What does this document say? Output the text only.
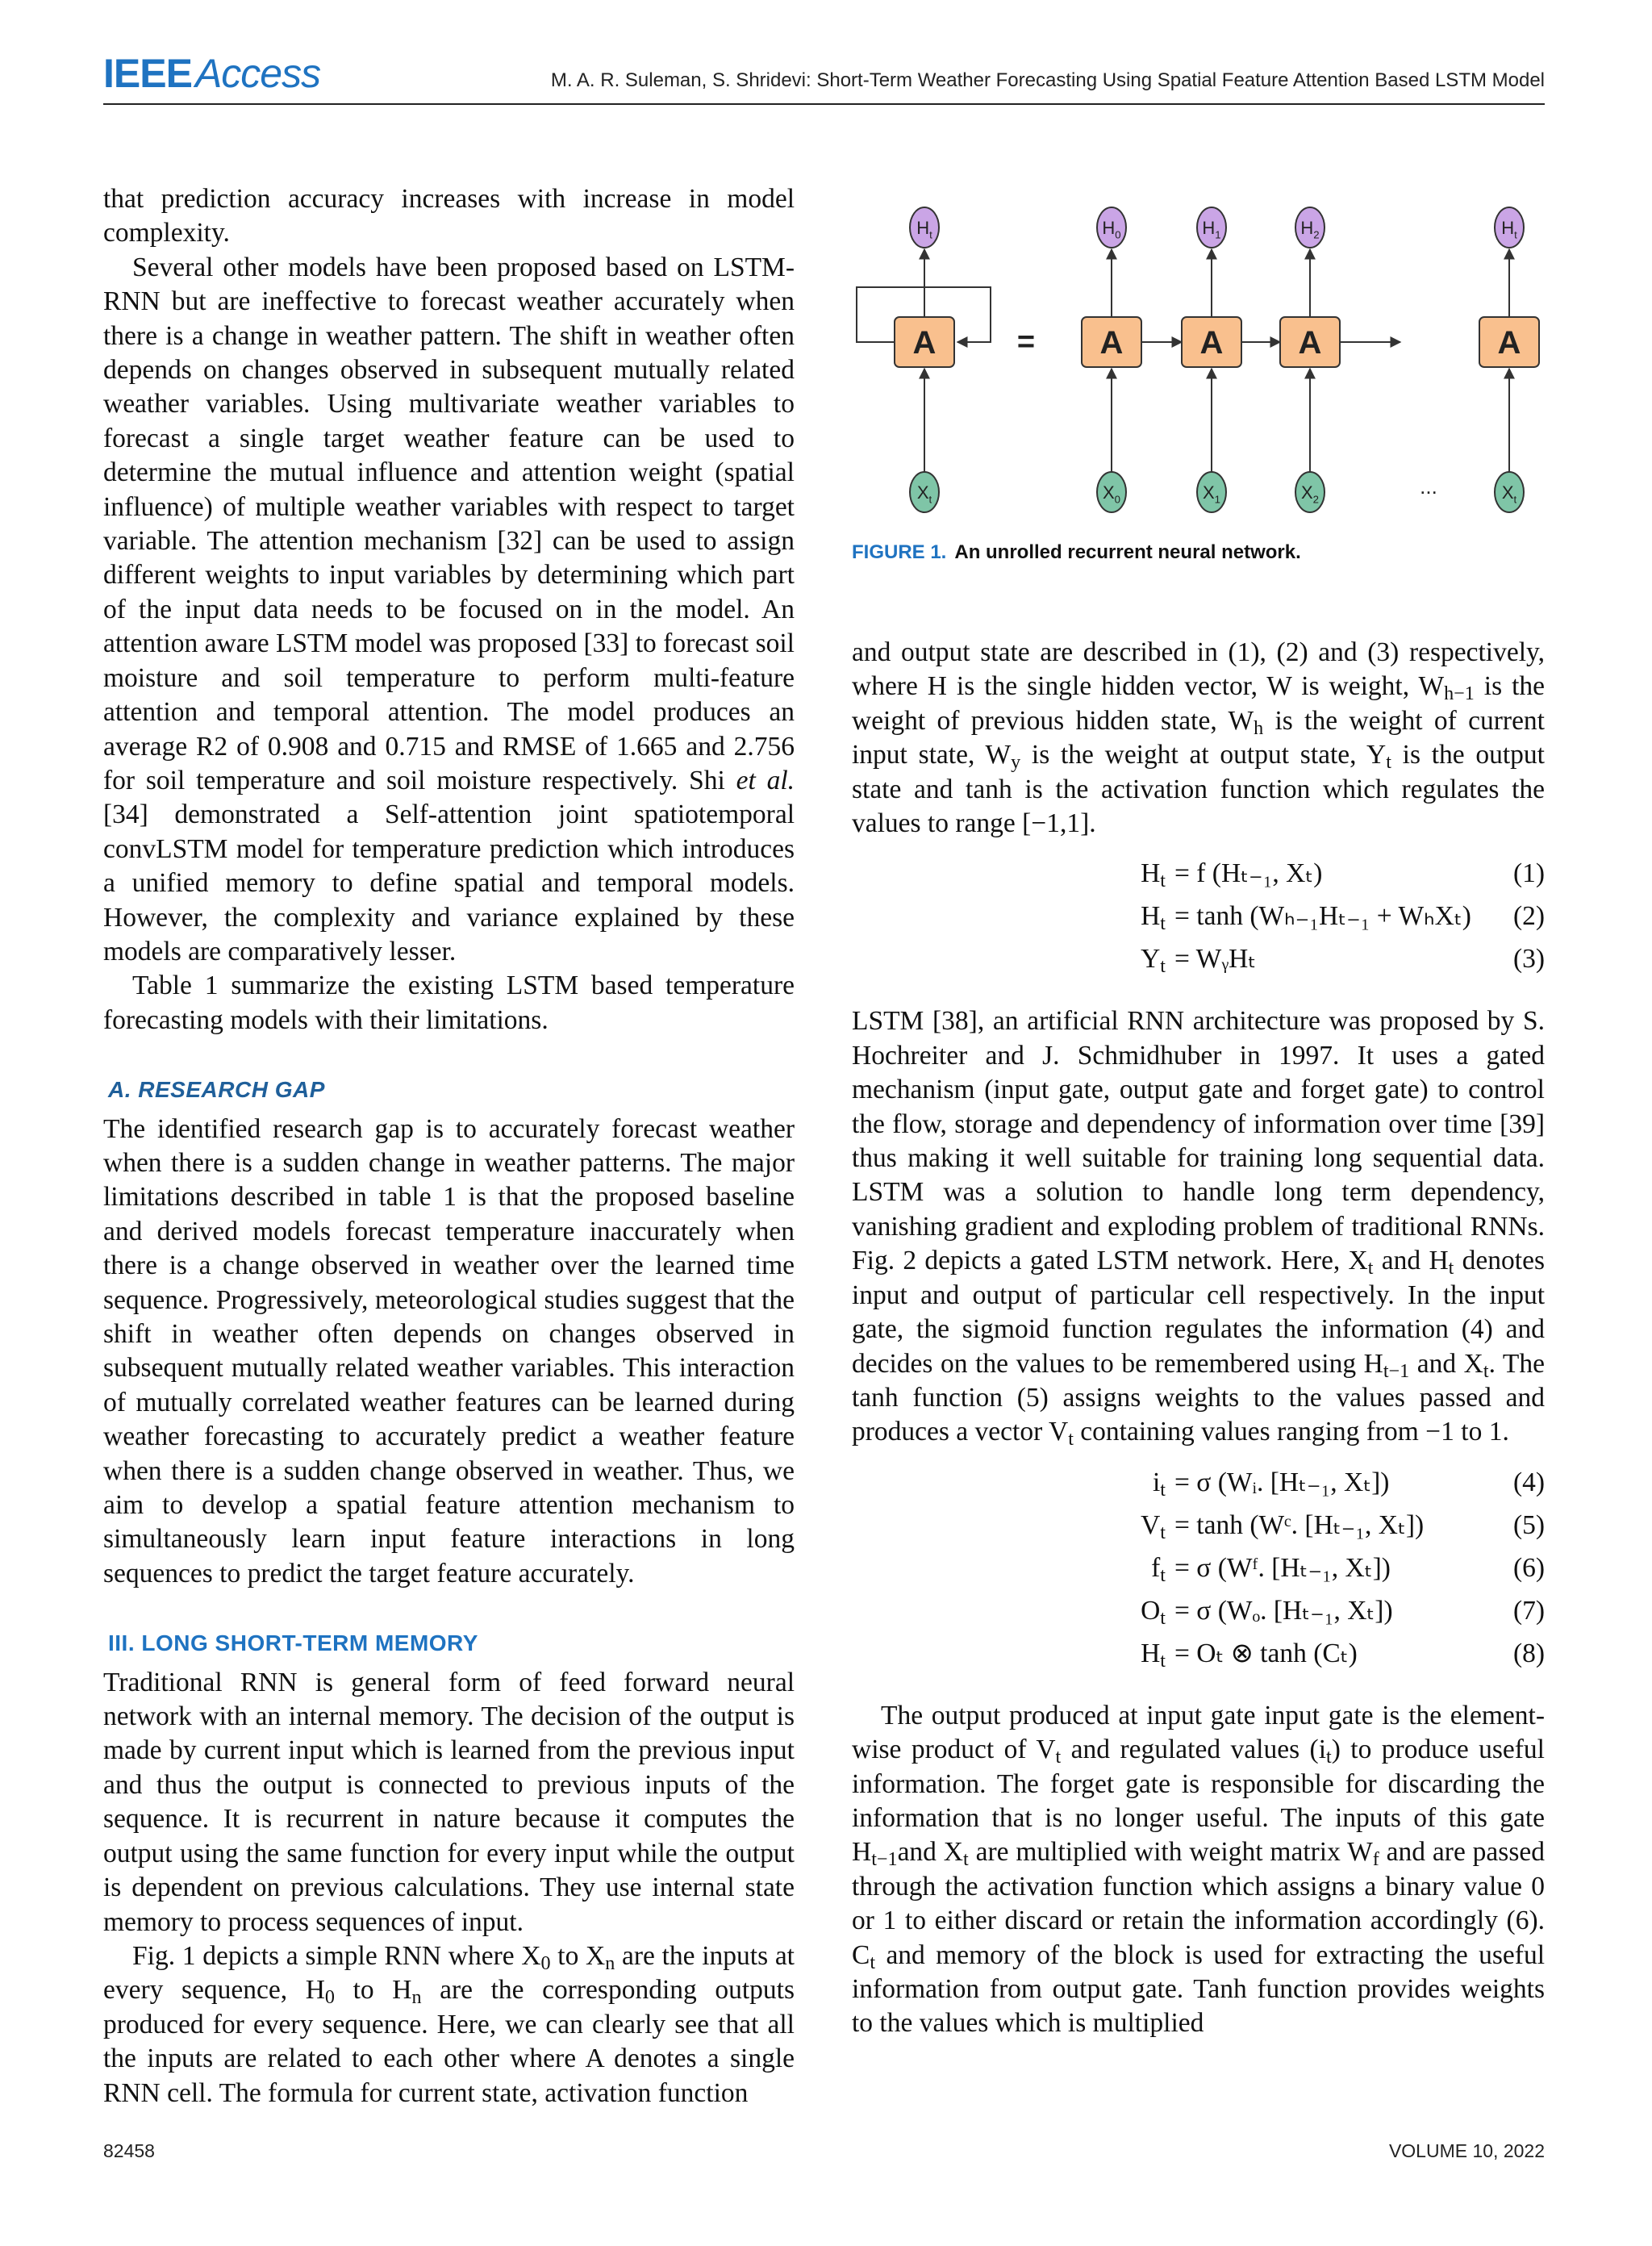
IEEEAccess	M. A. R. Suleman, S. Shridevi: Short-Term Weather Forecasting Using Spatial Feature Attention Based LSTM Model
A
$H_t$
$X_t$
= A
$H_0$
$X_0$
A
$H_1$
$X_1$
A
$H_2$
$X_2$
A
$H_t$
$X_t$
...
FIGURE 1. An unrolled recurrent neural network.

that prediction accuracy increases with increase in model complexity.

Several other models have been proposed based on LSTM-RNN but are ineffective to forecast weather accurately when there is a change in weather pattern. The shift in weather often depends on changes observed in subsequent mutually related weather variables. Using multivariate weather variables to forecast a single target weather feature can be used to determine the mutual influence and attention weight (spatial influence) of multiple weather variables with respect to target variable. The attention mechanism [32] can be used to assign different weights to input variables by determining which part of the input data needs to be focused on in the model. An attention aware LSTM model was proposed [33] to forecast soil moisture and soil temperature to perform multi-feature attention and temporal attention. The model produces an average R2 of 0.908 and 0.715 and RMSE of 1.665 and 2.756 for soil temperature and soil moisture respectively. Shi et al. [34] demonstrated a Self-attention joint spatiotemporal convLSTM model for temperature prediction which introduces a unified memory to define spatial and temporal models. However, the complexity and variance explained by these models are comparatively lesser.

Table 1 summarize the existing LSTM based temperature forecasting models with their limitations.

A. RESEARCH GAP

The identified research gap is to accurately forecast weather when there is a sudden change in weather patterns. The major limitations described in table 1 is that the proposed baseline and derived models forecast temperature inaccurately when there is a change observed in weather over the learned time sequence. Progressively, meteorological studies suggest that the shift in weather often depends on changes observed in subsequent mutually related weather variables. This interaction of mutually correlated weather features can be learned during weather forecasting to accurately predict a weather feature when there is a sudden change observed in weather. Thus, we aim to develop a spatial feature attention mechanism to simultaneously learn input feature interactions in long sequences to predict the target feature accurately.

III. LONG SHORT-TERM MEMORY

Traditional RNN is general form of feed forward neural network with an internal memory. The decision of the output is made by current input which is learned from the previous input and thus the output is connected to previous inputs of the sequence. It is recurrent in nature because it computes the output using the same function for every input while the output is dependent on previous calculations. They use internal state memory to process sequences of input.

Fig. 1 depicts a simple RNN where $X_0$ to $X_n$ are the inputs at every sequence, $H_0$ to $H_n$ are the corresponding outputs produced for every sequence. Here, we can clearly see that all the inputs are related to each other where A denotes a single RNN cell. The formula for current state, activation function

and output state are described in (1), (2) and (3) respectively, where H is the single hidden vector, W is weight, $W_{h-1}$ is the weight of previous hidden state, $W_h$ is the weight of current input state, $W_y$ is the weight at output state, $Y_t$ is the output state and tanh is the activation function which regulates the values to range [−1,1].

$H_t = f$ (Hₜ₋₁, Xₜ)	(1)
$H_t = \tanh (W_{h-1}H_{t-1} + W_hX_t)$ (2)
$Y_t$ = WᵧHₜ	(3)

LSTM [38], an artificial RNN architecture was proposed by S. Hochreiter and J. Schmidhuber in 1997. It uses a gated mechanism (input gate, output gate and forget gate) to control the flow, storage and dependency of information over time [39] thus making it well suitable for training long sequential data. LSTM was a solution to handle long term dependency, vanishing gradient and exploding problem of traditional RNNs. Fig. 2 depicts a gated LSTM network. Here, $X_t$ and $H_t$ denotes input and output of particular cell respectively. In the input gate, the sigmoid function regulates the information (4) and decides on the values to be remembered using $H_{t-1}$ and $X_t$. The tanh function (5) assigns weights to the values passed and produces a vector $V_t$ containing values ranging from −1 to 1.

$i_t = \sigma$ (Wᵢ. [Hₜ₋₁, Xₜ])	(4)
$V_t = \tanh$ (Wᶜ. [Hₜ₋₁, Xₜ])	(5)
$f_t = \sigma$ (Wᶠ. [Hₜ₋₁, Xₜ])	(6)
$O_t = \sigma$ (Wₒ. [Hₜ₋₁, Xₜ])	(7)
$H_t = O_t$ ⊗ tanh (Cₜ)	(8)

The output produced at input gate input gate is the element-wise product of $V_t$ and regulated values $(i_t)$ to produce useful information. The forget gate is responsible for discarding the information that is no longer useful. The inputs of this gate $H_{t-1}and$ $X_t$ are multiplied with weight matrix $W_f$ and are passed through the activation function which assigns a binary value 0 or 1 to either discard or retain the information accordingly (6). $C_t$ and memory of the block is used for extracting the useful information from output gate. Tanh function provides weights to the values which is multiplied

82458	VOLUME 10, 2022
